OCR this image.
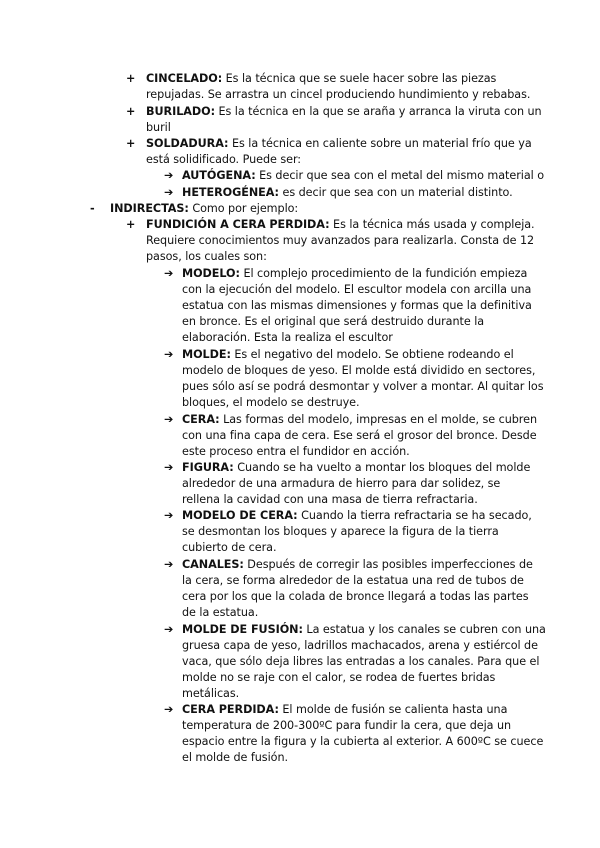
+ CINCELADO: Es la técnica que se suele hacer sobre las piezas
repujadas. Se arrastra un cincel produciendo hundimiento y rebabas.
+ BURILADO: Es la técnica en la que se araña y arranca la viruta con un
buril
+ SOLDADURA: Es la técnica en caliente sobre un material frío que ya
está solidificado. Puede ser:
➔ AUTÓGENA: Es decir que sea con el metal del mismo material o
➔ HETEROGÉNEA: es decir que sea con un material distinto.
- INDIRECTAS: Como por ejemplo:
+ FUNDICIÓN A CERA PERDIDA: Es la técnica más usada y compleja.
Requiere conocimientos muy avanzados para realizarla. Consta de 12
pasos, los cuales son:
➔ MODELO: El complejo procedimiento de la fundición empieza
con la ejecución del modelo. El escultor modela con arcilla una
estatua con las mismas dimensiones y formas que la definitiva
en bronce. Es el original que será destruido durante la
elaboración. Esta la realiza el escultor
➔ MOLDE: Es el negativo del modelo. Se obtiene rodeando el
modelo de bloques de yeso. El molde está dividido en sectores,
pues sólo así se podrá desmontar y volver a montar. Al quitar los
bloques, el modelo se destruye.
➔ CERA: Las formas del modelo, impresas en el molde, se cubren
con una fina capa de cera. Ese será el grosor del bronce. Desde
este proceso entra el fundidor en acción.
➔ FIGURA: Cuando se ha vuelto a montar los bloques del molde
alrededor de una armadura de hierro para dar solidez, se
rellena la cavidad con una masa de tierra refractaria.
➔ MODELO DE CERA: Cuando la tierra refractaria se ha secado,
se desmontan los bloques y aparece la figura de la tierra
cubierto de cera.
➔ CANALES: Después de corregir las posibles imperfecciones de
la cera, se forma alrededor de la estatua una red de tubos de
cera por los que la colada de bronce llegará a todas las partes
de la estatua.
➔ MOLDE DE FUSIÓN: La estatua y los canales se cubren con una
gruesa capa de yeso, ladrillos machacados, arena y estiércol de
vaca, que sólo deja libres las entradas a los canales. Para que el
molde no se raje con el calor, se rodea de fuertes bridas
metálicas.
➔ CERA PERDIDA: El molde de fusión se calienta hasta una
temperatura de 200-300ºC para fundir la cera, que deja un
espacio entre la figura y la cubierta al exterior. A 600ºC se cuece
el molde de fusión.
